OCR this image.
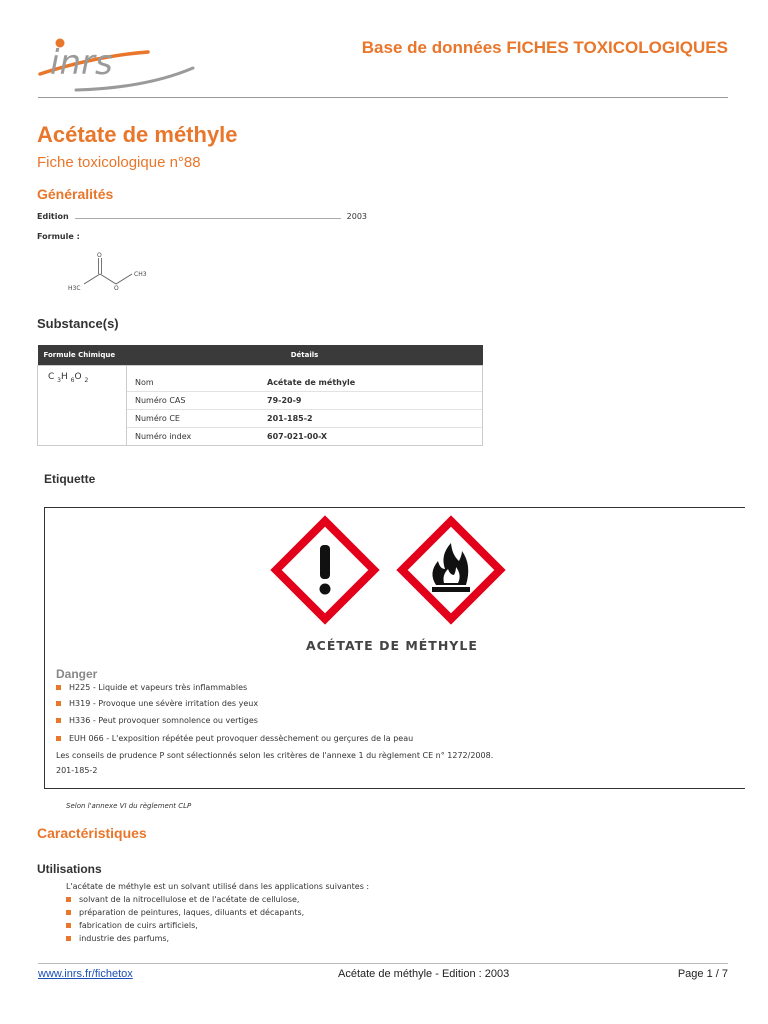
inrs	Base de données FICHES TOXICOLOGIQUES
Acétate de méthyle
Fiche toxicologique n°88
Généralités
Edition	2003
Formule :
O
CH3
H3C	O
Substance(s)
Formule Chimique	Détails
C $_3$H $_6$O $_2$		Nom	Acétate de méthyle
Numéro CAS	79-20-9
Numéro CE	201-185-2
Numéro index	607-021-00-X
Etiquette
ACÉTATE DE MÉTHYLE
Danger
H225 - Liquide et vapeurs très inflammables
H319 - Provoque une sévère irritation des yeux
H336 - Peut provoquer somnolence ou vertiges
EUH 066 - L'exposition répétée peut provoquer dessèchement ou gerçures de la peau
Les conseils de prudence P sont sélectionnés selon les critères de l'annexe 1 du règlement CE n° 1272/2008.
201-185-2
Selon l'annexe VI du règlement CLP
Caractéristiques
Utilisations
L'acétate de méthyle est un solvant utilisé dans les applications suivantes :
solvant de la nitrocellulose et de l'acétate de cellulose,
préparation de peintures, laques, diluants et décapants,
fabrication de cuirs artificiels,
industrie des parfums,
www.inrs.fr/fichetox	Acétate de méthyle - Edition : 2003	Page 1 / 7
